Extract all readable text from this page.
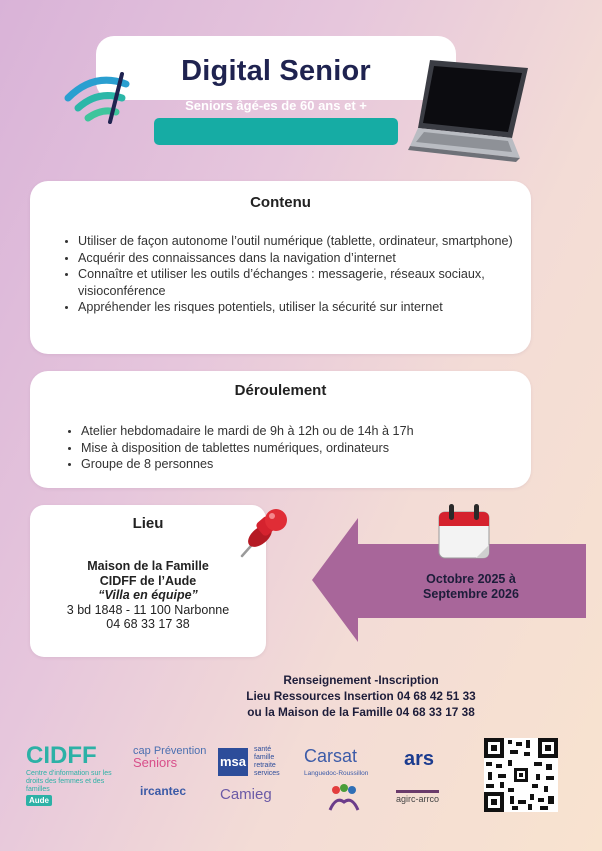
Digital Senior
Seniors âgé-es de 60 ans et +
Contenu
• Utiliser de façon autonome l’outil numérique (tablette, ordinateur, smartphone)
• Acquérir des connaissances dans la navigation d’internet
• Connaître et utiliser les outils d’échanges : messagerie, réseaux sociaux, visioconférence
• Appréhender les risques potentiels, utiliser la sécurité sur internet
Déroulement
• Atelier hebdomadaire le mardi de 9h à 12h ou de 14h à 17h
• Mise à disposition de tablettes numériques, ordinateurs
• Groupe de 8 personnes
Lieu
Maison de la Famille
CIDFF de l’Aude
“Villa en équipe”
3 bd 1848 - 11 100 Narbonne
04 68 33 17 38
Octobre 2025 à
Septembre 2026
Renseignement -Inscription
Lieu Ressources Insertion 04 68 42 51 33
ou la Maison de la Famille 04 68 33 17 38
CIDFF
Centre d’information sur les droits des femmes et des familles
Aude
cap Prévention
Seniors
ircantec
msa
santé
famille
retraite
services
Camieg
Carsat
Languedoc-Roussillon
ars
agirc-arrco
